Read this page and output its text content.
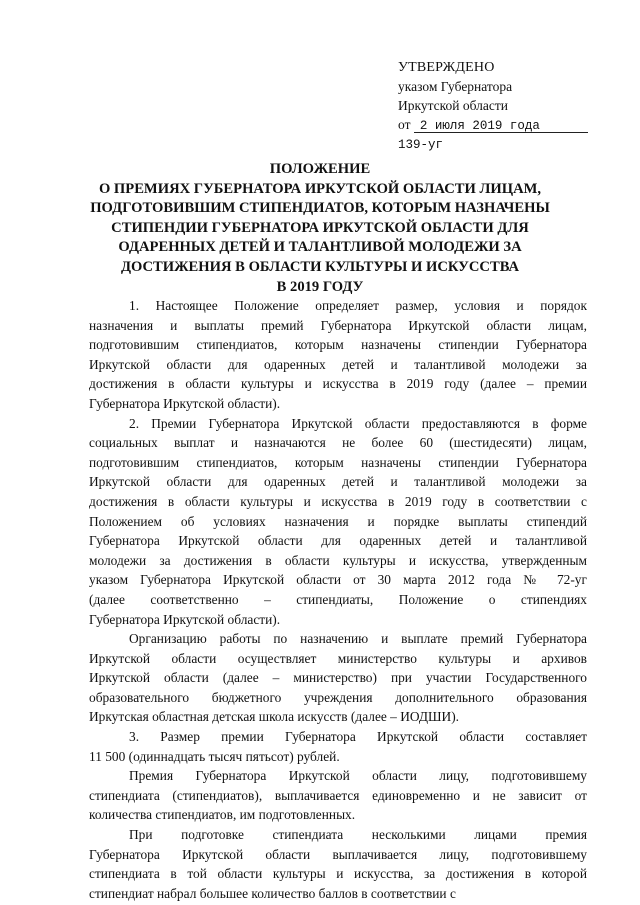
УТВЕРЖДЕНО
указом Губернатора
Иркутской области
от 2 июля 2019 года
139-уг
ПОЛОЖЕНИЕ
О ПРЕМИЯХ ГУБЕРНАТОРА ИРКУТСКОЙ ОБЛАСТИ ЛИЦАМ,
ПОДГОТОВИВШИМ СТИПЕНДИАТОВ, КОТОРЫМ НАЗНАЧЕНЫ
СТИПЕНДИИ ГУБЕРНАТОРА ИРКУТСКОЙ ОБЛАСТИ ДЛЯ
ОДАРЕННЫХ ДЕТЕЙ И ТАЛАНТЛИВОЙ МОЛОДЕЖИ ЗА
ДОСТИЖЕНИЯ В ОБЛАСТИ КУЛЬТУРЫ И ИСКУССТВА
В 2019 ГОДУ
1. Настоящее Положение определяет размер, условия и порядок
назначения и выплаты премий Губернатора Иркутской области лицам,
подготовившим стипендиатов, которым назначены стипендии Губернатора
Иркутской области для одаренных детей и талантливой молодежи за
достижения в области культуры и искусства в 2019 году (далее – премии
Губернатора Иркутской области).
2. Премии Губернатора Иркутской области предоставляются в форме
социальных выплат и назначаются не более 60 (шестидесяти) лицам,
подготовившим стипендиатов, которым назначены стипендии Губернатора
Иркутской области для одаренных детей и талантливой молодежи за
достижения в области культуры и искусства в 2019 году в соответствии с
Положением об условиях назначения и порядке выплаты стипендий
Губернатора Иркутской области для одаренных детей и талантливой
молодежи за достижения в области культуры и искусства, утвержденным
указом Губернатора Иркутской области от 30 марта 2012 года № 72-уг
(далее соответственно – стипендиаты, Положение о стипендиях
Губернатора Иркутской области).
Организацию работы по назначению и выплате премий Губернатора
Иркутской области осуществляет министерство культуры и архивов
Иркутской области (далее – министерство) при участии Государственного
образовательного бюджетного учреждения дополнительного образования
Иркутская областная детская школа искусств (далее – ИОДШИ).
3. Размер премии Губернатора Иркутской области составляет
11 500 (одиннадцать тысяч пятьсот) рублей.
Премия Губернатора Иркутской области лицу, подготовившему
стипендиата (стипендиатов), выплачивается единовременно и не зависит от
количества стипендиатов, им подготовленных.
При подготовке стипендиата несколькими лицами премия
Губернатора Иркутской области выплачивается лицу, подготовившему
стипендиата в той области культуры и искусства, за достижения в которой
стипендиат набрал большее количество баллов в соответствии с
